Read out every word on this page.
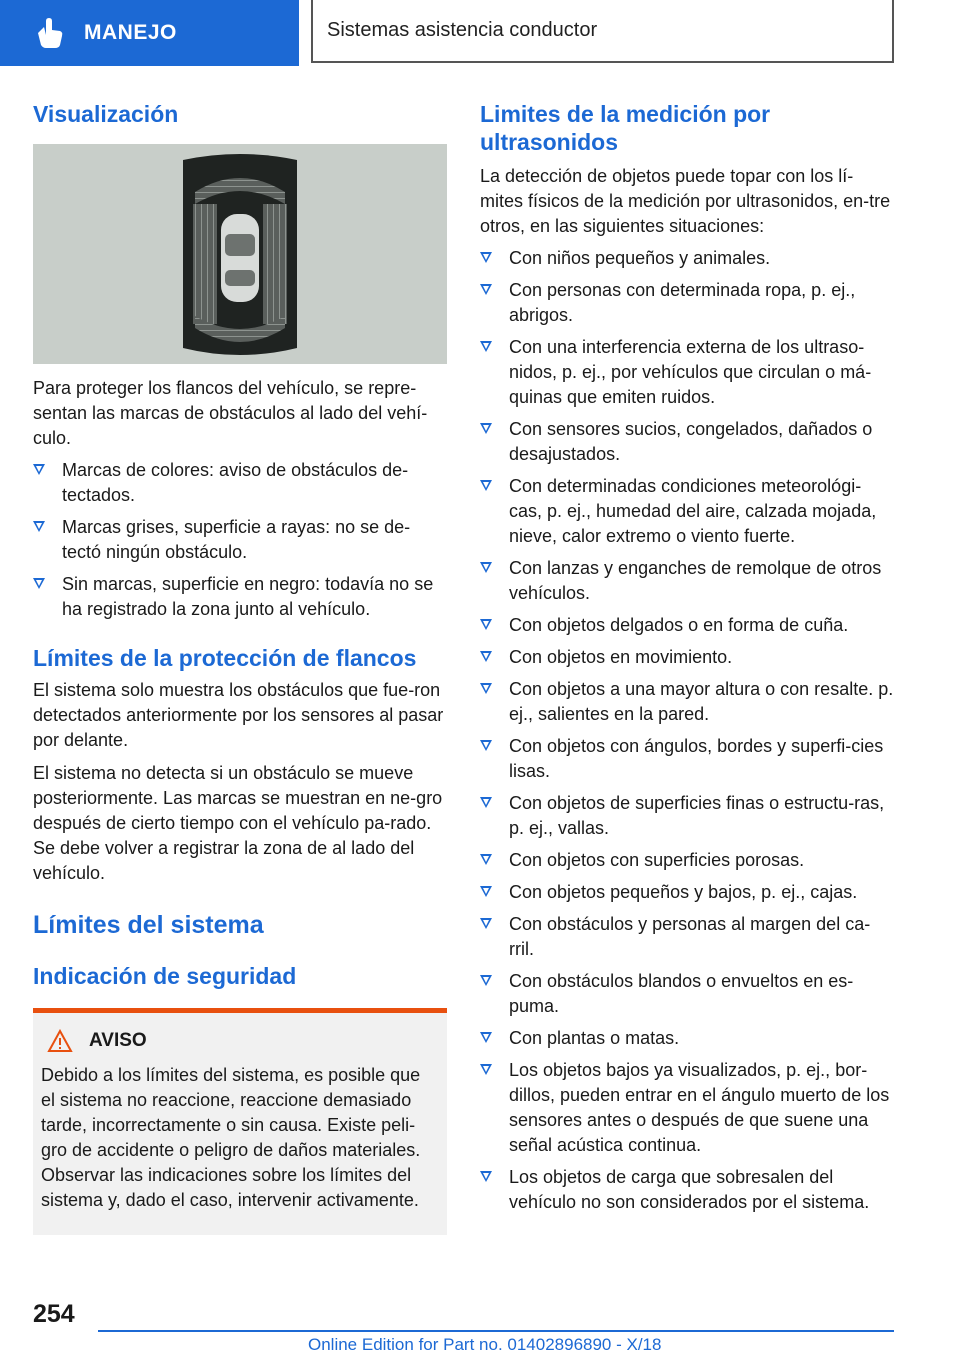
MANEJO	Sistemas asistencia conductor
Visualización

Para proteger los flancos del vehículo, se repre-sentan las marcas de obstáculos al lado del vehí-culo.

Marcas de colores: aviso de obstáculos de-tectados.
Marcas grises, superficie a rayas: no se de-tectó ningún obstáculo.
Sin marcas, superficie en negro: todavía no se ha registrado la zona junto al vehículo.
Límites de la protección de flancos

El sistema solo muestra los obstáculos que fue-ron detectados anteriormente por los sensores al pasar por delante.

El sistema no detecta si un obstáculo se mueve posteriormente. Las marcas se muestran en ne-gro después de cierto tiempo con el vehículo pa-rado. Se debe volver a registrar la zona de al lado del vehículo.

Límites del sistema
Indicación de seguridad
AVISO

Debido a los límites del sistema, es posible que el sistema no reaccione, reaccione demasiado tarde, incorrectamente o sin causa. Existe peli-gro de accidente o peligro de daños materiales. Observar las indicaciones sobre los límites del sistema y, dado el caso, intervenir activamente.

Limites de la medición por ultrasonidos

La detección de objetos puede topar con los lí-mites físicos de la medición por ultrasonidos, en-tre otros, en las siguientes situaciones:

Con niños pequeños y animales.
Con personas con determinada ropa, p. ej., abrigos.
Con una interferencia externa de los ultraso-nidos, p. ej., por vehículos que circulan o má-quinas que emiten ruidos.
Con sensores sucios, congelados, dañados o desajustados.
Con determinadas condiciones meteorológi-cas, p. ej., humedad del aire, calzada mojada, nieve, calor extremo o viento fuerte.
Con lanzas y enganches de remolque de otros vehículos.
Con objetos delgados o en forma de cuña.
Con objetos en movimiento.
Con objetos a una mayor altura o con resalte. p. ej., salientes en la pared.
Con objetos con ángulos, bordes y superfi-cies lisas.
Con objetos de superficies finas o estructu-ras, p. ej., vallas.
Con objetos con superficies porosas.
Con objetos pequeños y bajos, p. ej., cajas.
Con obstáculos y personas al margen del ca-rril.
Con obstáculos blandos o envueltos en es-puma.
Con plantas o matas.
Los objetos bajos ya visualizados, p. ej., bor-dillos, pueden entrar en el ángulo muerto de los sensores antes o después de que suene una señal acústica continua.
Los objetos de carga que sobresalen del vehículo no son considerados por el sistema.
254
Online Edition for Part no. 01402896890 - X/18
